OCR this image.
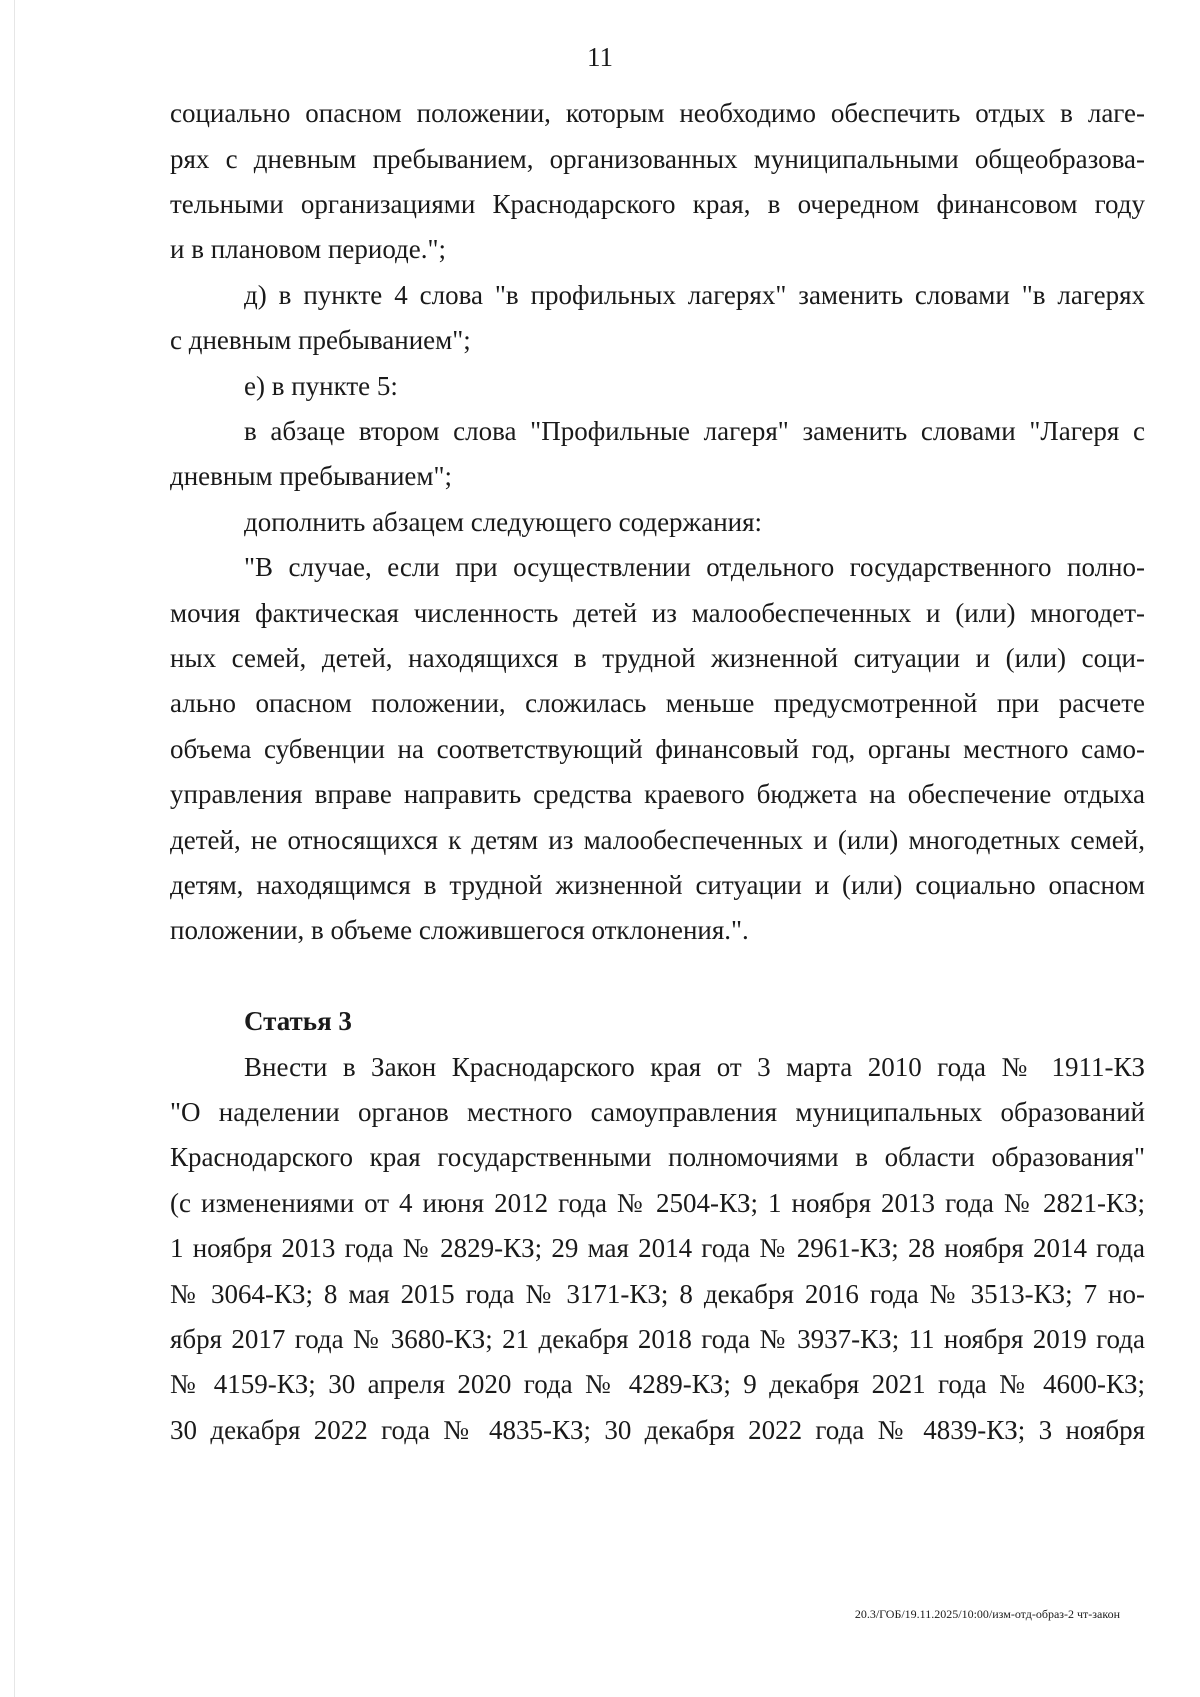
11
социально опасном положении, которым необходимо обеспечить отдых в лаге-
рях с дневным пребыванием, организованных муниципальными общеобразова-
тельными организациями Краснодарского края, в очередном финансовом году
и в плановом периоде.";
д) в пункте 4 слова "в профильных лагерях" заменить словами "в лагерях
с дневным пребыванием";
е) в пункте 5:
в абзаце втором слова "Профильные лагеря" заменить словами "Лагеря с
дневным пребыванием";
дополнить абзацем следующего содержания:
"В случае, если при осуществлении отдельного государственного полно-
мочия фактическая численность детей из малообеспеченных и (или) многодет-
ных семей, детей, находящихся в трудной жизненной ситуации и (или) соци-
ально опасном положении, сложилась меньше предусмотренной при расчете
объема субвенции на соответствующий финансовый год, органы местного само-
управления вправе направить средства краевого бюджета на обеспечение отдыха
детей, не относящихся к детям из малообеспеченных и (или) многодетных семей,
детям, находящимся в трудной жизненной ситуации и (или) социально опасном
положении, в объеме сложившегося отклонения.".
Статья 3
Внести в Закон Краснодарского края от 3 марта 2010 года № 1911-КЗ
"О наделении органов местного самоуправления муниципальных образований
Краснодарского края государственными полномочиями в области образования"
(с изменениями от 4 июня 2012 года № 2504-КЗ; 1 ноября 2013 года № 2821-КЗ;
1 ноября 2013 года № 2829-КЗ; 29 мая 2014 года № 2961-КЗ; 28 ноября 2014 года
№ 3064-КЗ; 8 мая 2015 года № 3171-КЗ; 8 декабря 2016 года № 3513-КЗ; 7 но-
ября 2017 года № 3680-КЗ; 21 декабря 2018 года № 3937-КЗ; 11 ноября 2019 года
№ 4159-КЗ; 30 апреля 2020 года № 4289-КЗ; 9 декабря 2021 года № 4600-КЗ;
30 декабря 2022 года № 4835-КЗ; 30 декабря 2022 года № 4839-КЗ; 3 ноября
20.3/ГОБ/19.11.2025/10:00/изм-отд-образ-2 чт-закон
